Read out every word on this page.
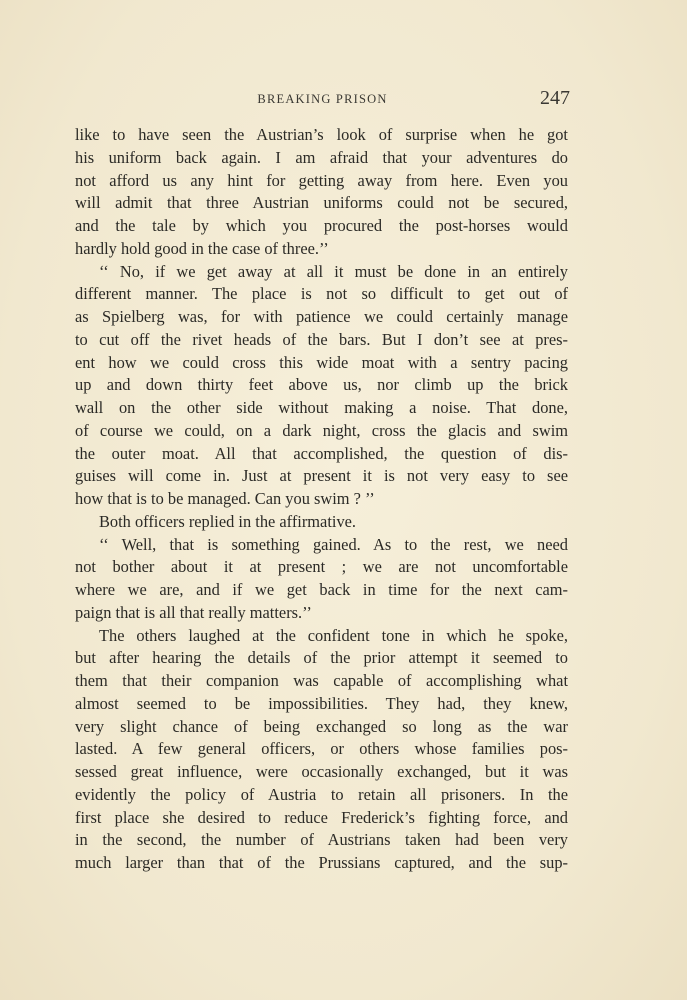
BREAKING PRISON	247
like to have seen the Austrian’s look of surprise when he got
his uniform back again. I am afraid that your adventures do
not afford us any hint for getting away from here. Even you
will admit that three Austrian uniforms could not be secured,
and the tale by which you procured the post-horses would
hardly hold good in the case of three.’’
‘‘ No, if we get away at all it must be done in an entirely
different manner. The place is not so difficult to get out of
as Spielberg was, for with patience we could certainly manage
to cut off the rivet heads of the bars. But I don’t see at pres-
ent how we could cross this wide moat with a sentry pacing
up and down thirty feet above us, nor climb up the brick
wall on the other side without making a noise. That done,
of course we could, on a dark night, cross the glacis and swim
the outer moat. All that accomplished, the question of dis-
guises will come in. Just at present it is not very easy to see
how that is to be managed. Can you swim ? ’’
Both officers replied in the affirmative.
‘‘ Well, that is something gained. As to the rest, we need
not bother about it at present ; we are not uncomfortable
where we are, and if we get back in time for the next cam-
paign that is all that really matters.’’
The others laughed at the confident tone in which he spoke,
but after hearing the details of the prior attempt it seemed to
them that their companion was capable of accomplishing what
almost seemed to be impossibilities. They had, they knew,
very slight chance of being exchanged so long as the war
lasted. A few general officers, or others whose families pos-
sessed great influence, were occasionally exchanged, but it was
evidently the policy of Austria to retain all prisoners. In the
first place she desired to reduce Frederick’s fighting force, and
in the second, the number of Austrians taken had been very
much larger than that of the Prussians captured, and the sup-
